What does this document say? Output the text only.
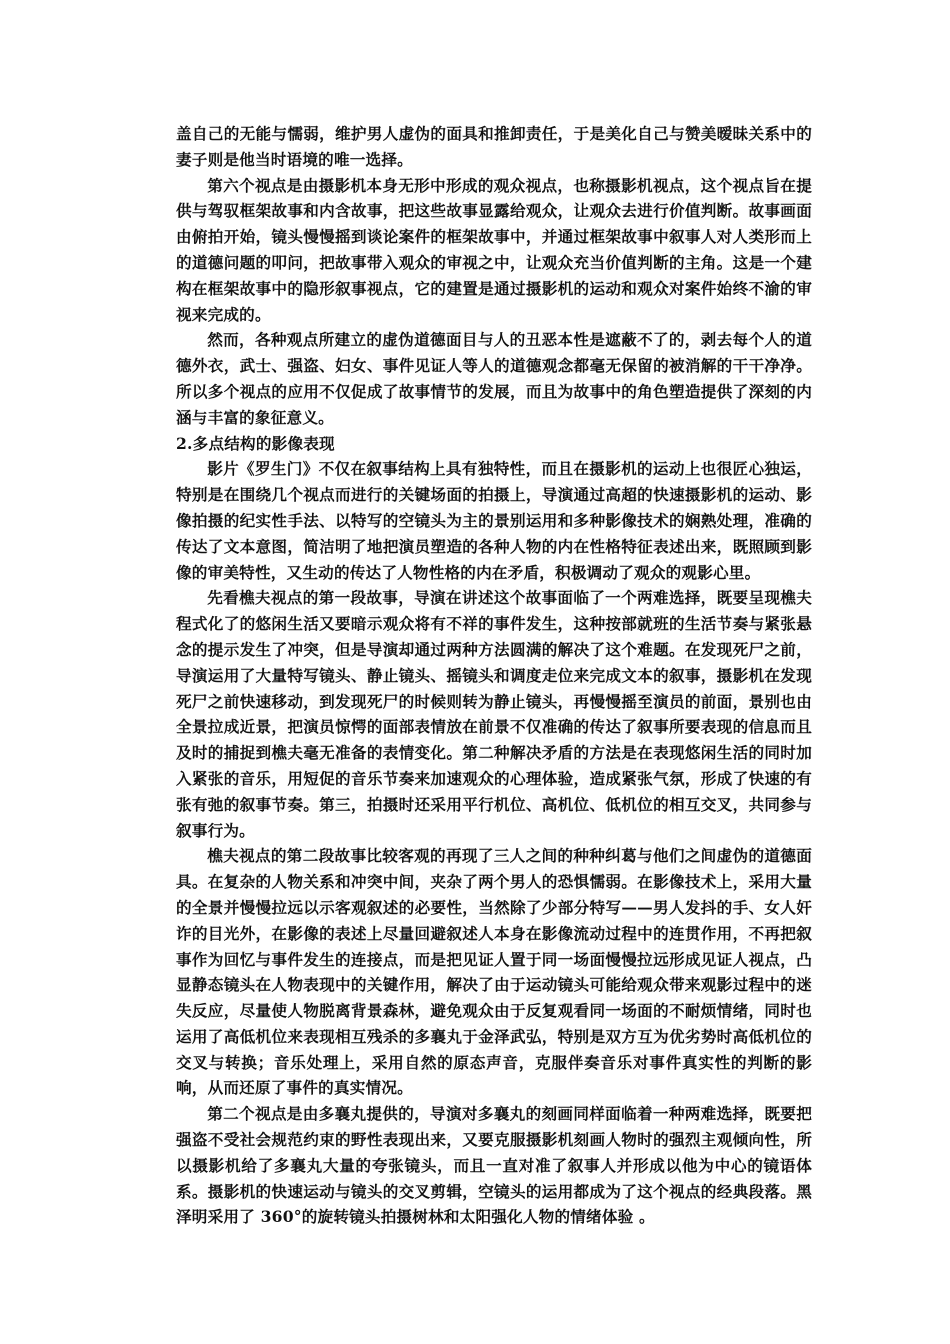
盖自己的无能与懦弱，维护男人虚伪的面具和推卸责任，于是美化自己与赞美暧昧关系中的妻子则是他当时语境的唯一选择。

第六个视点是由摄影机本身无形中形成的观众视点，也称摄影机视点，这个视点旨在提供与驾驭框架故事和内含故事，把这些故事显露给观众，让观众去进行价值判断。故事画面由俯拍开始，镜头慢慢摇到谈论案件的框架故事中，并通过框架故事中叙事人对人类形而上的道德问题的叩问，把故事带入观众的审视之中，让观众充当价值判断的主角。这是一个建构在框架故事中的隐形叙事视点，它的建置是通过摄影机的运动和观众对案件始终不渝的审视来完成的。

然而，各种观点所建立的虚伪道德面目与人的丑恶本性是遮蔽不了的，剥去每个人的道德外衣，武士、强盗、妇女、事件见证人等人的道德观念都毫无保留的被消解的干干净净。所以多个视点的应用不仅促成了故事情节的发展，而且为故事中的角色塑造提供了深刻的内涵与丰富的象征意义。

2.多点结构的影像表现

影片《罗生门》不仅在叙事结构上具有独特性，而且在摄影机的运动上也很匠心独运，特别是在围绕几个视点而进行的关键场面的拍摄上，导演通过高超的快速摄影机的运动、影像拍摄的纪实性手法、以特写的空镜头为主的景别运用和多种影像技术的娴熟处理，准确的传达了文本意图，简洁明了地把演员塑造的各种人物的内在性格特征表述出来，既照顾到影像的审美特性，又生动的传达了人物性格的内在矛盾，积极调动了观众的观影心里。

先看樵夫视点的第一段故事，导演在讲述这个故事面临了一个两难选择，既要呈现樵夫程式化了的悠闲生活又要暗示观众将有不祥的事件发生，这种按部就班的生活节奏与紧张悬念的提示发生了冲突，但是导演却通过两种方法圆满的解决了这个难题。在发现死尸之前，导演运用了大量特写镜头、静止镜头、摇镜头和调度走位来完成文本的叙事，摄影机在发现死尸之前快速移动，到发现死尸的时候则转为静止镜头，再慢慢摇至演员的前面，景别也由全景拉成近景，把演员惊愕的面部表情放在前景不仅准确的传达了叙事所要表现的信息而且及时的捕捉到樵夫毫无准备的表情变化。第二种解决矛盾的方法是在表现悠闲生活的同时加入紧张的音乐，用短促的音乐节奏来加速观众的心理体验，造成紧张气氛，形成了快速的有张有弛的叙事节奏。第三，拍摄时还采用平行机位、高机位、低机位的相互交叉，共同参与叙事行为。

樵夫视点的第二段故事比较客观的再现了三人之间的种种纠葛与他们之间虚伪的道德面具。在复杂的人物关系和冲突中间，夹杂了两个男人的恐惧懦弱。在影像技术上，采用大量的全景并慢慢拉远以示客观叙述的必要性，当然除了少部分特写——男人发抖的手、女人奸诈的目光外，在影像的表述上尽量回避叙述人本身在影像流动过程中的连贯作用，不再把叙事作为回忆与事件发生的连接点，而是把见证人置于同一场面慢慢拉远形成见证人视点，凸显静态镜头在人物表现中的关键作用，解决了由于运动镜头可能给观众带来观影过程中的迷失反应，尽量使人物脱离背景森林，避免观众由于反复观看同一场面的不耐烦情绪，同时也运用了高低机位来表现相互残杀的多襄丸于金泽武弘，特别是双方互为优劣势时高低机位的交叉与转换；音乐处理上，采用自然的原态声音，克服伴奏音乐对事件真实性的判断的影响，从而还原了事件的真实情况。

第二个视点是由多襄丸提供的，导演对多襄丸的刻画同样面临着一种两难选择，既要把强盗不受社会规范约束的野性表现出来，又要克服摄影机刻画人物时的强烈主观倾向性，所以摄影机给了多襄丸大量的夸张镜头，而且一直对准了叙事人并形成以他为中心的镜语体系。摄影机的快速运动与镜头的交叉剪辑，空镜头的运用都成为了这个视点的经典段落。黑泽明采用了 360°的旋转镜头拍摄树林和太阳强化人物的情绪体验 。
